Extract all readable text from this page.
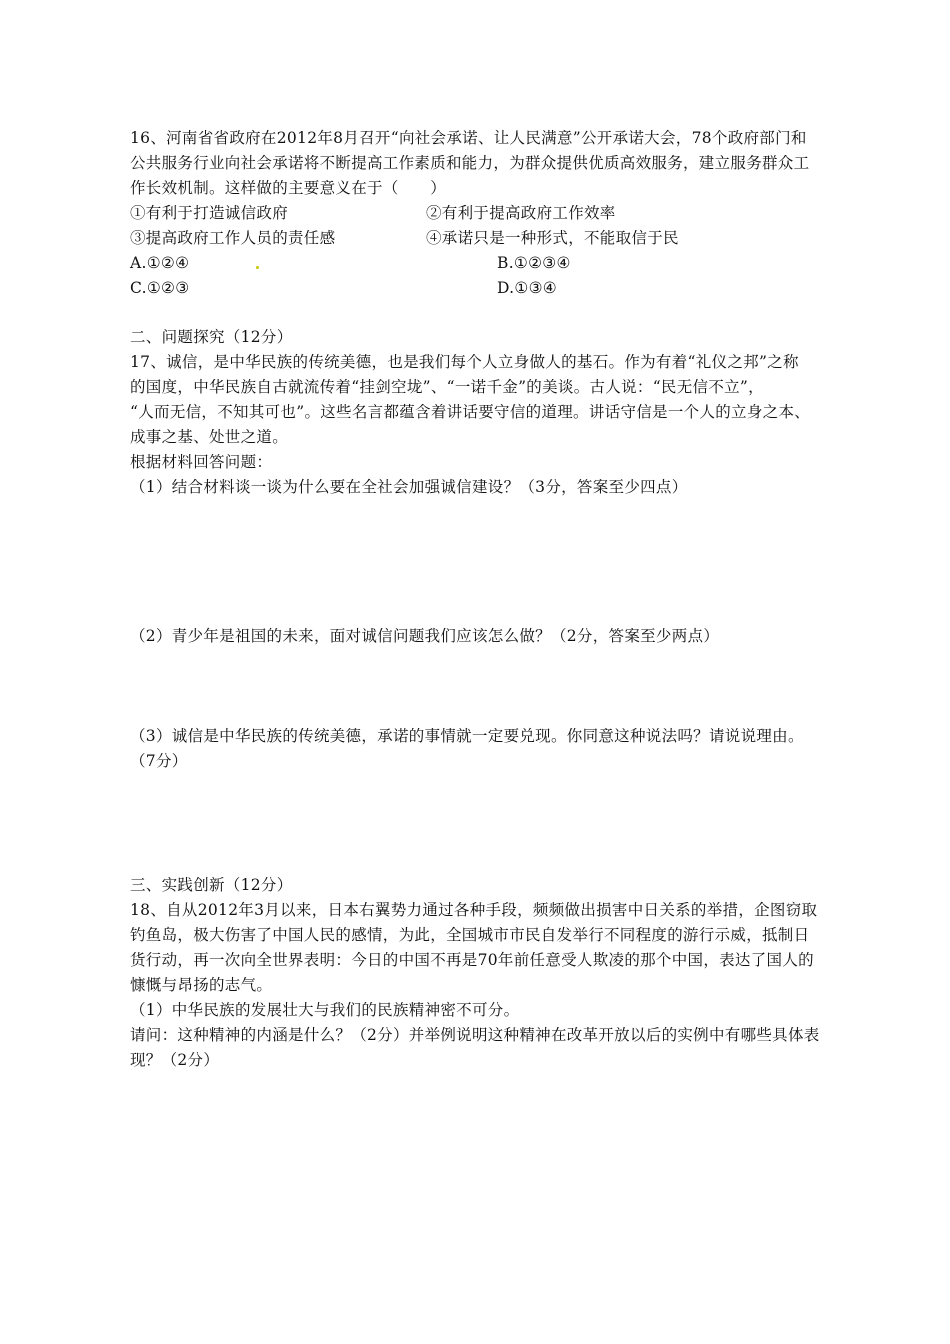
16、河南省省政府在2012年8月召开“向社会承诺、让人民满意”公开承诺大会，78个政府部门和
公共服务行业向社会承诺将不断提高工作素质和能力，为群众提供优质高效服务，建立服务群众工
作长效机制。这样做的主要意义在于（　　）
①有利于打造诚信政府	②有利于提高政府工作效率
③提高政府工作人员的责任感	④承诺只是一种形式，不能取信于民
A.①②④	B.①②③④
C.①②③	D.①③④
二、问题探究（12分）
17、诚信，是中华民族的传统美德，也是我们每个人立身做人的基石。作为有着“礼仪之邦”之称
的国度，中华民族自古就流传着“挂剑空垅”、“一诺千金”的美谈。古人说：“民无信不立”，
“人而无信，不知其可也”。这些名言都蕴含着讲话要守信的道理。讲话守信是一个人的立身之本、
成事之基、处世之道。
根据材料回答问题：
（1）结合材料谈一谈为什么要在全社会加强诚信建设？（3分，答案至少四点）
（2）青少年是祖国的未来，面对诚信问题我们应该怎么做？（2分，答案至少两点）
（3）诚信是中华民族的传统美德，承诺的事情就一定要兑现。你同意这种说法吗？请说说理由。
（7分）
三、实践创新（12分）
18、自从2012年3月以来，日本右翼势力通过各种手段，频频做出损害中日关系的举措，企图窃取
钓鱼岛，极大伤害了中国人民的感情，为此，全国城市市民自发举行不同程度的游行示威，抵制日
货行动，再一次向全世界表明：今日的中国不再是70年前任意受人欺凌的那个中国，表达了国人的
慷慨与昂扬的志气。
（1）中华民族的发展壮大与我们的民族精神密不可分。
请问：这种精神的内涵是什么？（2分）并举例说明这种精神在改革开放以后的实例中有哪些具体表
现？（2分）
